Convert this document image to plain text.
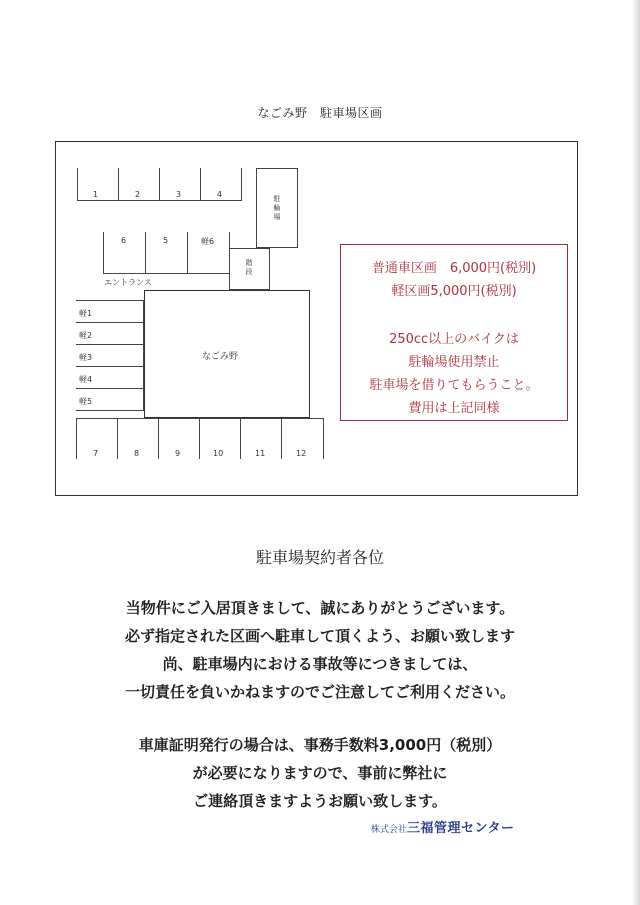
なごみ野　駐車場区画
1	2	3	4	駐
輪
場
6	5	軽6
階
段
エントランス
軽1
軽2
軽3
軽4
軽5
なごみ野
7	8	9	10	11	12
普通車区画　6,000円(税別)
軽区画5,000円(税別)
250cc以上のバイクは
駐輪場使用禁止
駐車場を借りてもらうこと。
費用は上記同様
駐車場契約者各位
当物件にご入居頂きまして、誠にありがとうございます。
必ず指定された区画へ駐車して頂くよう、お願い致します
尚、駐車場内における事故等につきましては、
一切責任を負いかねますのでご注意してご利用ください。
車庫証明発行の場合は、事務手数料3,000円（税別）
が必要になりますので、事前に弊社に
ご連絡頂きますようお願い致します。
株式会社三福管理センター
